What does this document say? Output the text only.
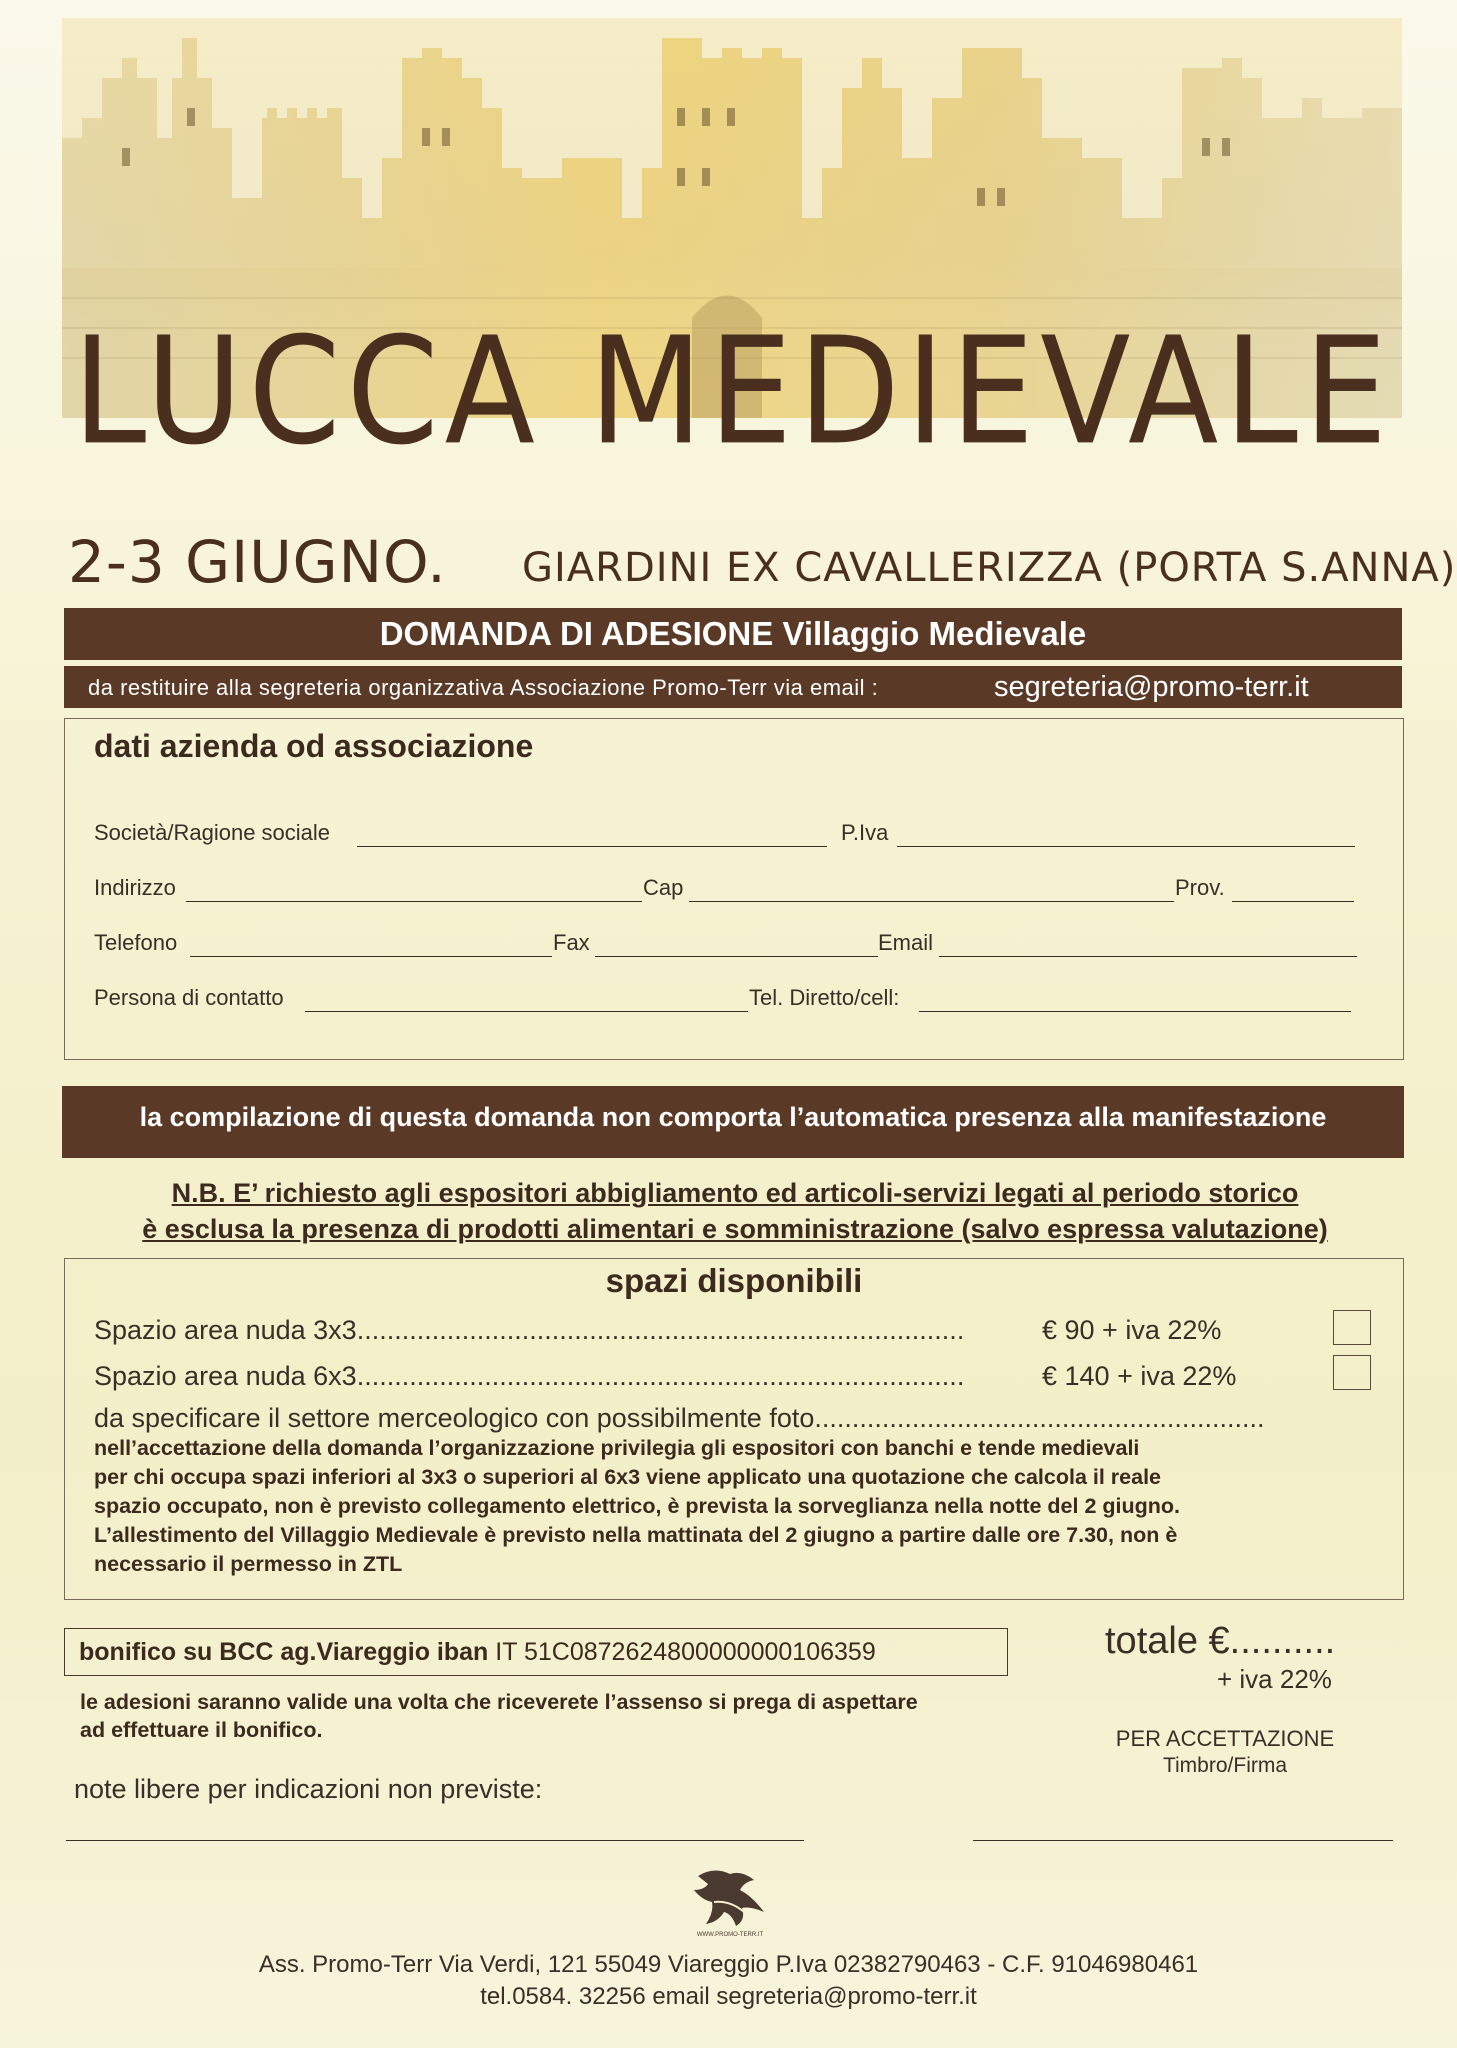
LUCCA MEDIEVALE
2-3 GIUGNO. GIARDINI EX CAVALLERIZZA (PORTA S.ANNA)
DOMANDA DI ADESIONE Villaggio Medievale
da restituire alla segreteria organizzativa Associazione Promo-Terr via email :	segreteria@promo-terr.it
dati azienda od associazione
Società/Ragione sociale	P.Iva
Indirizzo	Cap	Prov.
Telefono	Fax	Email
Persona di contatto	Tel. Diretto/cell:
la compilazione di questa domanda non comporta l’automatica presenza alla manifestazione
N.B. E’ richiesto agli espositori abbigliamento ed articoli-servizi legati al periodo storico
è esclusa la presenza di prodotti alimentari e somministrazione (salvo espressa valutazione)
spazi disponibili
Spazio area nuda 3x3.................................................................................	€ 90 + iva 22%
Spazio area nuda 6x3.................................................................................	€ 140 + iva 22%
da specificare il settore merceologico con possibilmente foto............................................................
nell’accettazione della domanda l’organizzazione privilegia gli espositori con banchi e tende medievali
per chi occupa spazi inferiori al 3x3 o superiori al 6x3 viene applicato una quotazione che calcola il reale
spazio occupato, non è previsto collegamento elettrico, è prevista la sorveglianza nella notte del 2 giugno.
L’allestimento del Villaggio Medievale è previsto nella mattinata del 2 giugno a partire dalle ore 7.30, non è
necessario il permesso in ZTL
bonifico su BCC ag.Viareggio iban IT 51C0872624800000000106359
le adesioni saranno valide una volta che riceverete l’assenso si prega di aspettare
ad effettuare il bonifico.
totale €..........
+ iva 22%
PER ACCETTAZIONE
Timbro/Firma
note libere per indicazioni non previste:
WWW.PROMO-TERR.IT
Ass. Promo-Terr Via Verdi, 121 55049 Viareggio P.Iva 02382790463 - C.F. 91046980461
tel.0584. 32256 email segreteria@promo-terr.it
